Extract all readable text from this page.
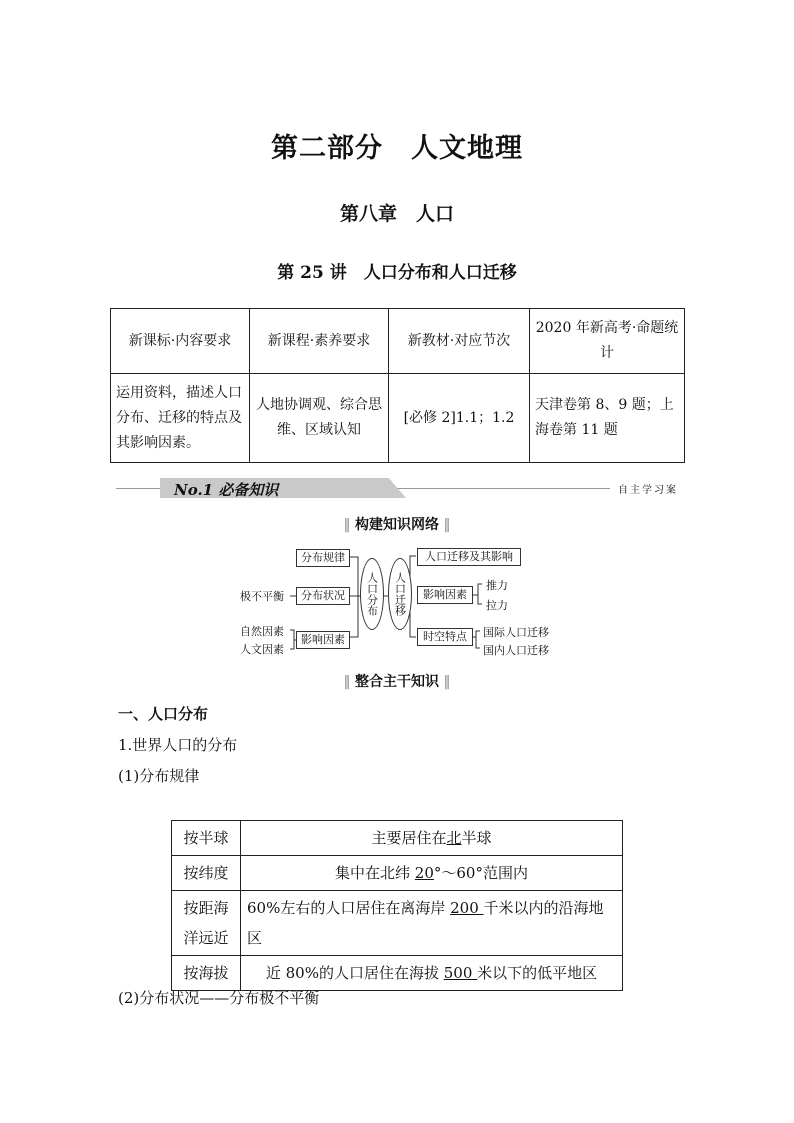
第二部分　人文地理
第八章　人口
第 25 讲　人口分布和人口迁移
新课标·内容要求	新课程·素养要求	新教材·对应节次	2020 年新高考·命题统计
运用资料，描述人口分布、迁移的特点及其影响因素。	人地协调观、综合思维、区域认知	[必修 2]1.1；1.2	天津卷第 8、9 题；上海卷第 11 题
No.1 必备知识	自主学习案
‖ 构建知识网络 ‖
分布规律
分布状况
影响因素
极不平衡
自然因素
人文因素
人口分布	人口迁移
人口迁移及其影响
影响因素
时空特点
推力
拉力
国际人口迁移
国内人口迁移
‖ 整合主干知识 ‖
一、人口分布
1.世界人口的分布
(1)分布规律
按半球	主要居住在北半球
按纬度	集中在北纬 20°～60°范围内
按距海洋远近	60%左右的人口居住在离海岸 200 千米以内的沿海地区
按海拔	近 80%的人口居住在海拔 500 米以下的低平地区
(2)分布状况——分布极不平衡
